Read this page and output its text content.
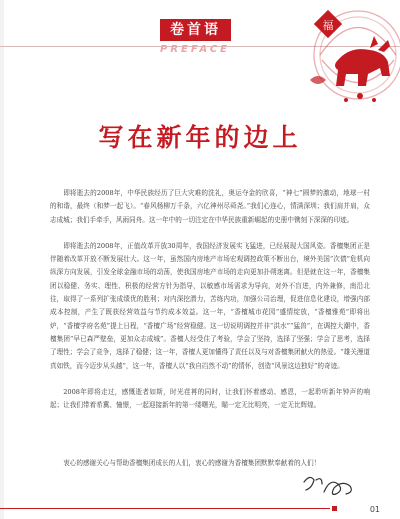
卷首语
PREFACE
福
写在新年的边上

即将逝去的2008年，中华民族经历了巨大灾难的洗礼，奥运夺金的欣喜，“神七”圆梦的激动，地球一村的和谐，最终（和梦一起飞）。“春风杨柳万千条，六亿神州尽舜尧。”我们心连心，情满深圳；我们肩并肩，众志成城；我们手牵手，风雨同舟。这一年中的一切注定在中华民族重新崛起的史册中镌刻下深深的印迹。

即将逝去的2008年，正值改革开放30周年，我国经济发展实飞猛进，已经展现大国风姿。香檀集团正是伴随着改革开放不断发展壮大。这一年，虽然国内房地产市场宏观调控政策不断出台，境外美国“次债”危机向纵深方向发展，引发全球金融市场的动荡，使我国房地产市场的走向更加扑朔迷离。但是就在这一年，香檀集团以稳健、务实、理性、积极的经营方针为指导，以敏感市场需求为导向，对外不盲进，内外兼修，南沿北往，取得了一系列扩张成绩优的胜利；对内深挖潜力，苦练内功，加强公司治理，促进信息化建设，增强内部成本控制，产生了既获经营效益与节约成本效益。这一年，“香檀城市花园”盛情绽放，“香檀雅苑”即将出炉，“香檀学府名苑”提上日程，“香檀广场”经营稳健。这一切说明调控并非“洪水”“猛兽”，在调控大潮中，香檀集团“早已森严壁垒，更加众志成城”。香檀人经受住了考验，学会了坚持，选择了坚强；学会了思考，选择了理性；学会了竞争，选择了稳健；这一年，香檀人更加懂得了责任以及与对香檀集团献火的热爱。“雄关漫道真如铁，而今迈步从头越”，这一年，香檀人以“我自岿然不动”的情怀，创造“风景这边独好”的奇迹。

2008年即将走过，感慨逝者如斯，时光荏苒的同时，让我们怀着感动、感恩，一起聆听新年钟声的响起；让我们带着希冀、憧憬，一起迎接新年的第一缕曙光，瞄一定无比明亮，一定无比辉煌。

衷心的感谢关心与帮助香檀集团成长的人们，衷心的感谢为香檀集团默默奉献着的人们！
01
